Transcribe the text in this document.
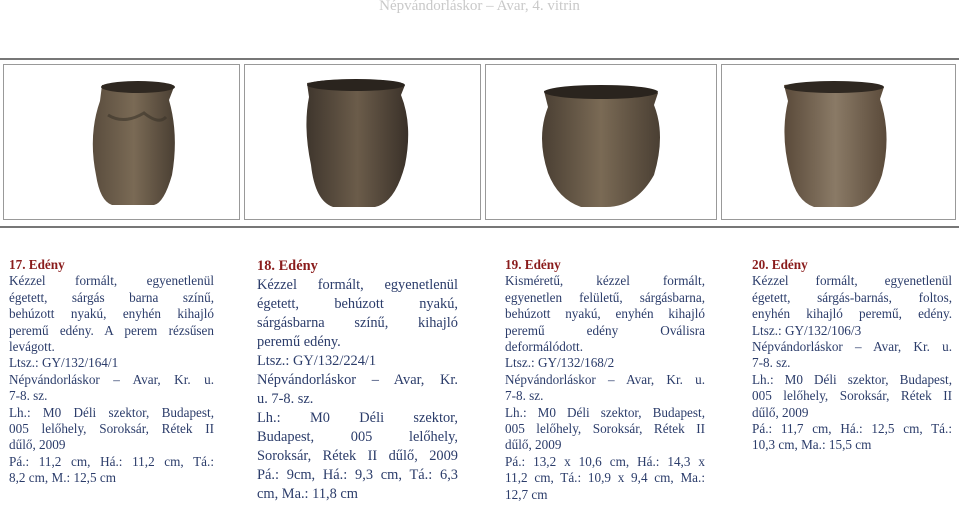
Népvándorláskor – Avar, 4. vitrin
17. Edény
Kézzel formált, egyenetlenül
égetett, sárgás barna színű,
behúzott nyakú, enyhén kihajló
peremű edény. A perem rézsűsen
levágott.
Ltsz.: GY/132/164/1
Népvándorláskor – Avar, Kr. u.
7-8. sz.
Lh.: M0 Déli szektor, Budapest,
005 lelőhely, Soroksár, Rétek II
dűlő, 2009
Pá.: 11,2 cm, Há.: 11,2 cm, Tá.:
8,2 cm, M.: 12,5 cm
18. Edény
Kézzel formált, egyenetlenül
égetett, behúzott nyakú,
sárgásbarna színű, kihajló
peremű edény.
Ltsz.: GY/132/224/1
Népvándorláskor – Avar, Kr.
u. 7-8. sz.
Lh.: M0 Déli szektor,
Budapest, 005 lelőhely,
Soroksár, Rétek II dűlő, 2009
Pá.: 9cm, Há.: 9,3 cm, Tá.: 6,3
cm, Ma.: 11,8 cm
19. Edény
Kisméretű, kézzel formált,
egyenetlen felületű, sárgásbarna,
behúzott nyakú, enyhén kihajló
peremű edény Oválisra
deformálódott.
Ltsz.: GY/132/168/2
Népvándorláskor – Avar, Kr. u.
7-8. sz.
Lh.: M0 Déli szektor, Budapest,
005 lelőhely, Soroksár, Rétek II
dűlő, 2009
Pá.: 13,2 x 10,6 cm, Há.: 14,3 x
11,2 cm, Tá.: 10,9 x 9,4 cm, Ma.:
12,7 cm
20. Edény
Kézzel formált, egyenetlenül
égetett, sárgás-barnás, foltos,
enyhén kihajló peremű, edény.
Ltsz.: GY/132/106/3
Népvándorláskor – Avar, Kr. u.
7-8. sz.
Lh.: M0 Déli szektor, Budapest,
005 lelőhely, Soroksár, Rétek II
dűlő, 2009
Pá.: 11,7 cm, Há.: 12,5 cm, Tá.:
10,3 cm, Ma.: 15,5 cm
